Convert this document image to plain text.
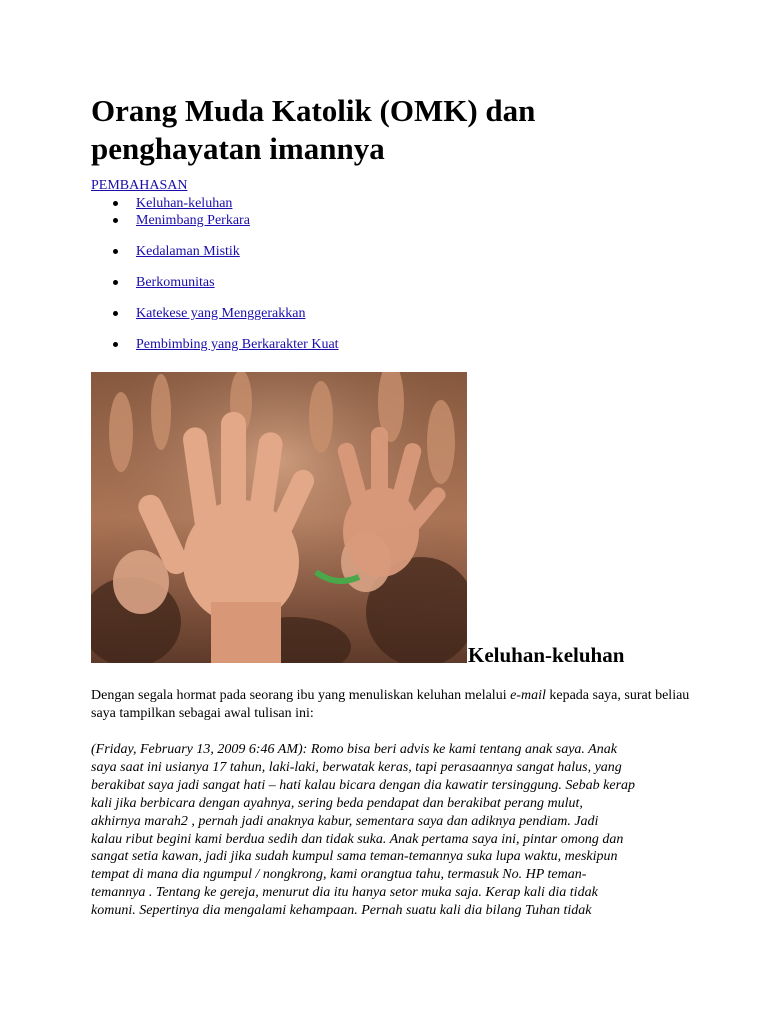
Orang Muda Katolik (OMK) dan penghayatan imannya
PEMBAHASAN
Keluhan-keluhan
Menimbang Perkara
Kedalaman Mistik
Berkomunitas
Katekese yang Menggerakkan
Pembimbing yang Berkarakter Kuat
Keluhan-keluhan

Dengan segala hormat pada seorang ibu yang menuliskan keluhan melalui e-mail kepada saya, surat beliau saya tampilkan sebagai awal tulisan ini:

(Friday, February 13, 2009 6:46 AM): Romo bisa beri advis ke kami tentang anak saya. Anak
saya saat ini usianya 17 tahun, laki-laki, berwatak keras, tapi perasaannya sangat halus, yang
berakibat saya jadi sangat hati – hati kalau bicara dengan dia kawatir tersinggung. Sebab kerap
kali jika berbicara dengan ayahnya, sering beda pendapat dan berakibat perang mulut,
akhirnya marah2 , pernah jadi anaknya kabur, sementara saya dan adiknya pendiam. Jadi
kalau ribut begini kami berdua sedih dan tidak suka. Anak pertama saya ini, pintar omong dan
sangat setia kawan, jadi jika sudah kumpul sama teman-temannya suka lupa waktu, meskipun
tempat di mana dia ngumpul / nongkrong, kami orangtua tahu, termasuk No. HP teman-
temannya . Tentang ke gereja, menurut dia itu hanya setor muka saja. Kerap kali dia tidak
komuni. Sepertinya dia mengalami kehampaan. Pernah suatu kali dia bilang Tuhan tidak
